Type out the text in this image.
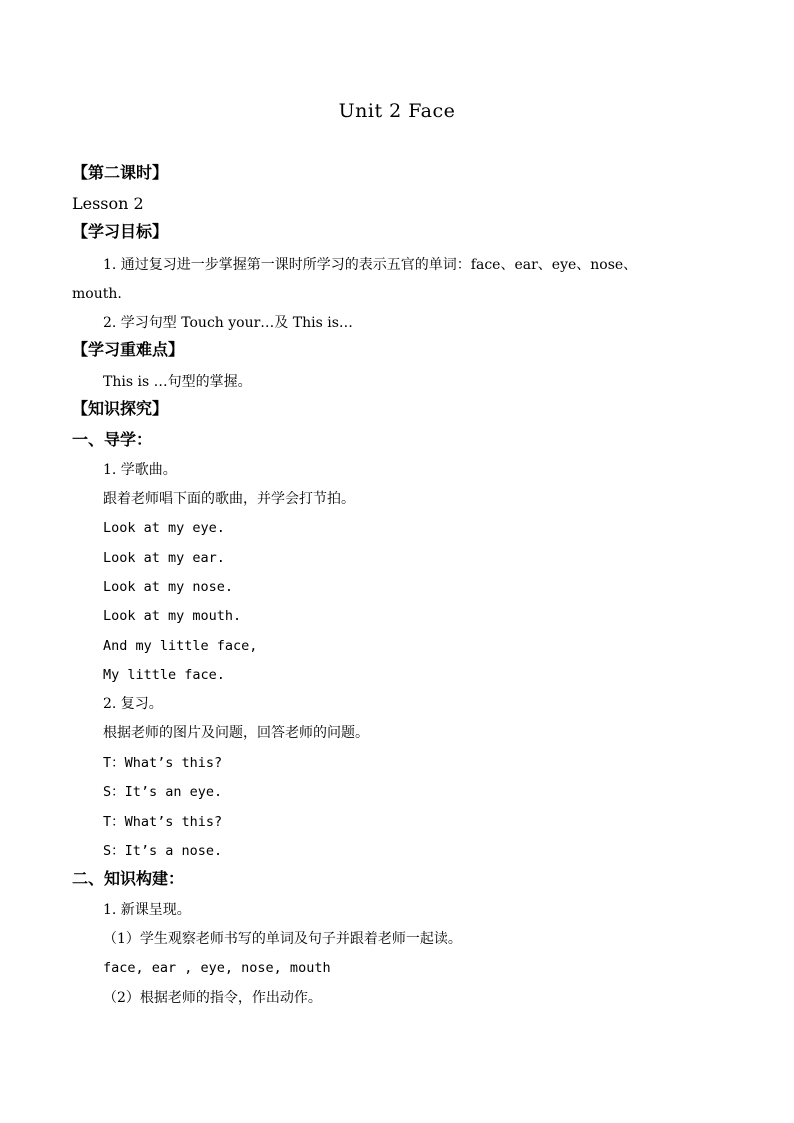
Unit 2 Face
【第二课时】
Lesson 2
【学习目标】
1. 通过复习进一步掌握第一课时所学习的表示五官的单词：face、ear、eye、nose、
mouth.
2. 学习句型 Touch your…及 This is…
【学习重难点】
This is …句型的掌握。
【知识探究】
一、导学：
1. 学歌曲。
跟着老师唱下面的歌曲，并学会打节拍。
Look at my eye.
Look at my ear.
Look at my nose.
Look at my mouth.
And my little face,
My little face.
2. 复习。
根据老师的图片及问题，回答老师的问题。
T：What’s this?
S：It’s an eye.
T：What’s this?
S：It’s a nose.
二、知识构建：
1. 新课呈现。
（1）学生观察老师书写的单词及句子并跟着老师一起读。
face, ear , eye, nose, mouth
（2）根据老师的指令，作出动作。
